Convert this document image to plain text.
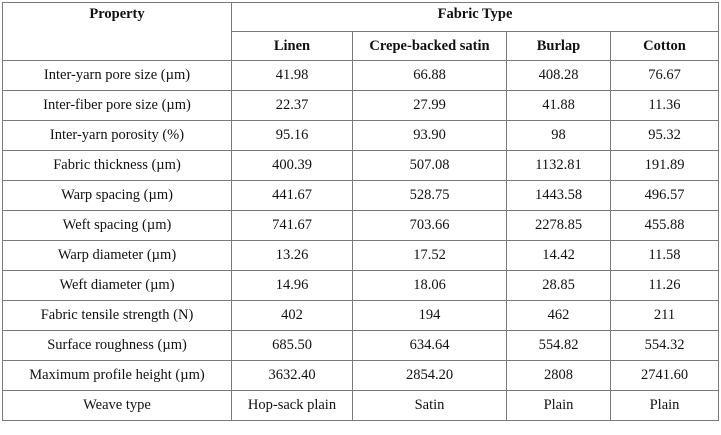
Property	Fabric Type			
	Linen	Crepe-backed satin	Burlap	Cotton
Inter-yarn pore size (µm)	41.98	66.88	408.28	76.67
Inter-fiber pore size (µm)	22.37	27.99	41.88	11.36
Inter-yarn porosity (%)	95.16	93.90	98	95.32
Fabric thickness (µm)	400.39	507.08	1132.81	191.89
Warp spacing (µm)	441.67	528.75	1443.58	496.57
Weft spacing (µm)	741.67	703.66	2278.85	455.88
Warp diameter (µm)	13.26	17.52	14.42	11.58
Weft diameter (µm)	14.96	18.06	28.85	11.26
Fabric tensile strength (N)	402	194	462	211
Surface roughness (µm)	685.50	634.64	554.82	554.32
Maximum profile height (µm)	3632.40	2854.20	2808	2741.60
Weave type	Hop-sack plain	Satin	Plain	Plain
